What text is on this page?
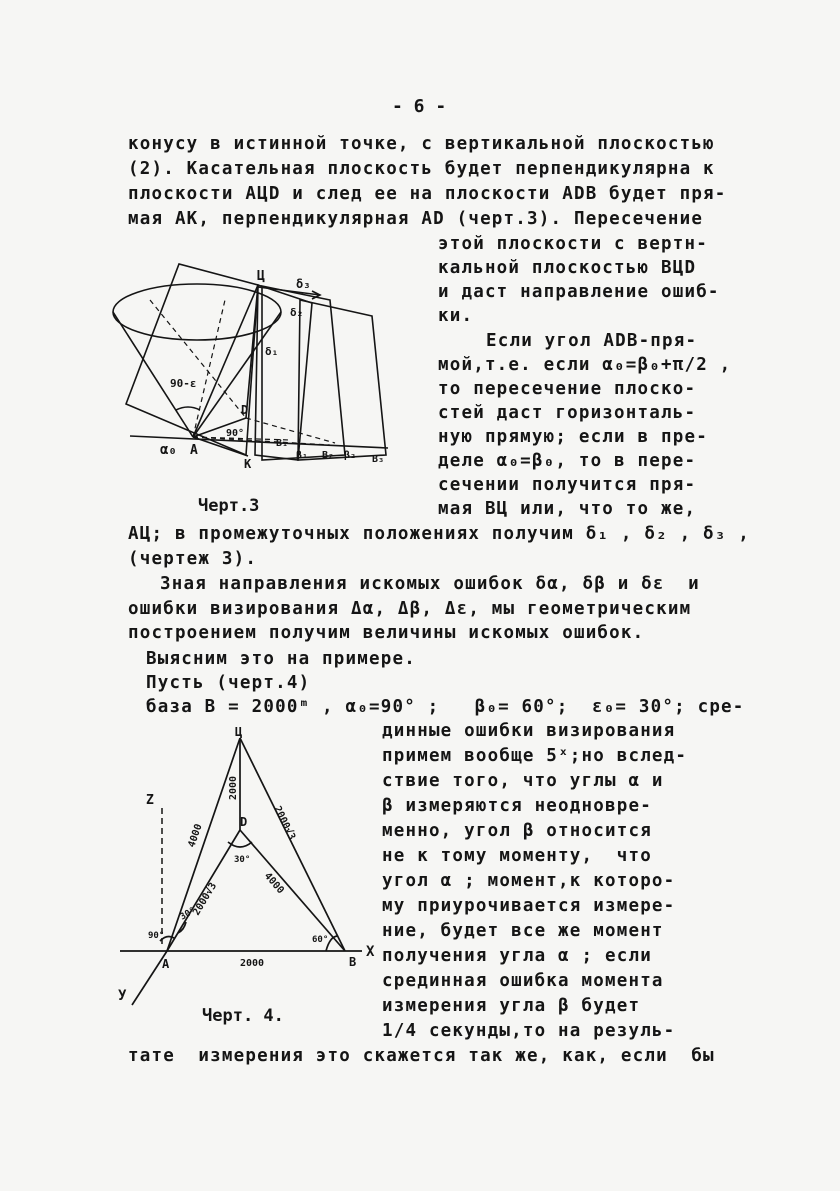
- 6 -
конусу в истинной точке, с вертикальной плоскостью
(2). Касательная плоскость будет перпендикулярна к
плоскости АЦD и след ее на плоскости ADB будет пря-
мая АК, перпендикулярная AD (черт.3). Пересечение
этой плоскости с вертн-
кальной плоскостью ВЦD
и даст направление ошиб-
ки.
Если угол АDВ-пря-
мой,т.е. если α₀=β₀+π/2 ,
то пересечение плоско-
стей даст горизонталь-
ную прямую; если в пре-
деле α₀=β₀, то в пере-
сечении получится пря-
мая ВЦ или, что то же,
Черт.3
АЦ; в промежуточных положениях получим δ₁ , δ₂ , δ₃ ,
(чертеж 3).
Зная направления искомых ошибок δα, δβ и δε  и
ошибки визирования Δα, Δβ, Δε, мы геометрическим
построением получим величины искомых ошибок.
Выясним это на примере.
Пусть (черт.4)
база В = 2000ᵐ , α₀=90° ;   β₀= 60°;  ε₀= 30°; сре-
динные ошибки визирования
примем вообще 5ˣ;но вслед-
ствие того, что углы α и
β измеряются неодновре-
менно, угол β относится
не к тому моменту,  что
угол α ; момент,к которо-
му приурочивается измере-
ние, будет все же момент
получения угла α ; если
срединная ошибка момента
измерения угла β будет
1/4 секунды,то на резуль-
Черт. 4.
тате  измерения это скажется так же, как, если  бы
Ц	δ₃
δ₂
δ₁
90-ε
D
90°
α₀ A
K
B₁
β₁ B₂ β₂ B₃
Ц
Z
2000
D
4000	2000√3
4000
30°
30°
2000√3
90°	60°
A	2000	B
X
У
